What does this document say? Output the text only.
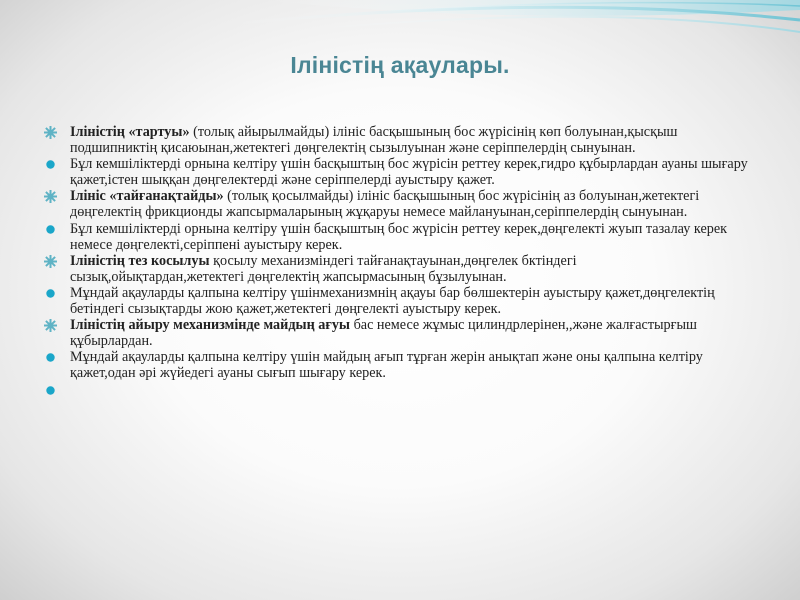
Ілiнiстiң ақаулары.
Ілiнiстiң «тартуы» (толық айырылмайды) iлiнiс басқышының бос жүрiсiнiң көп болуынан,қысқыш подшипниктiң қисаюынан,жетектегi дөңгелектiң сызылуынан және серiппелердiң сынуынан.
Бұл кемшiлiктердi орнына келтiру үшiн басқыштың бос жүрiсiн реттеу керек,гидро құбырлардан ауаны шығару қажет,iстен шыққан дөңгелектердi және серiппелердi ауыстыру қажет.
Ілiнiс «тайғанақтайды» (толық қосылмайды) iлiнiс басқышының бос жүрiсiнiң аз болуынан,жетектегi дөңгелектiң фрикционды жапсырмаларының жұқаруы немесе майлануынан,серiппелердiң сынуынан.
Бұл кемшiлiктердi орнына келтiру үшiн басқыштың бос жүрiсiн реттеу керек,дөңгелектi жуып тазалау керек немесе дөңгелектi,серiппенi ауыстыру керек.
Ілiнiстiң тез косылуы қосылу механизмiндегi тайғанақтауынан,дөңгелек бктiндегi сызық,ойықтардан,жетектегi дөңгелектiң жапсырмасының бұзылуынан.
Мұндай ақауларды қалпына келтiру үшiнмеханизмнiң ақауы бар бөлшектерiн ауыстыру қажет,дөңгелектiң бетiндегi сызықтарды жою қажет,жетектегi дөңгелектi ауыстыру керек.
Ілiнiстiң айыру механизмiнде майдың ағуы бас немесе жұмыс цилиндрлерiнен,,және жалғастырғыш құбырлардан.
Мұндай ақауларды қалпына келтiру үшiн майдың ағып тұрған жерiн анықтап және оны қалпына келтiру қажет,одан әрi жүйедегi ауаны сығып шығару керек.
